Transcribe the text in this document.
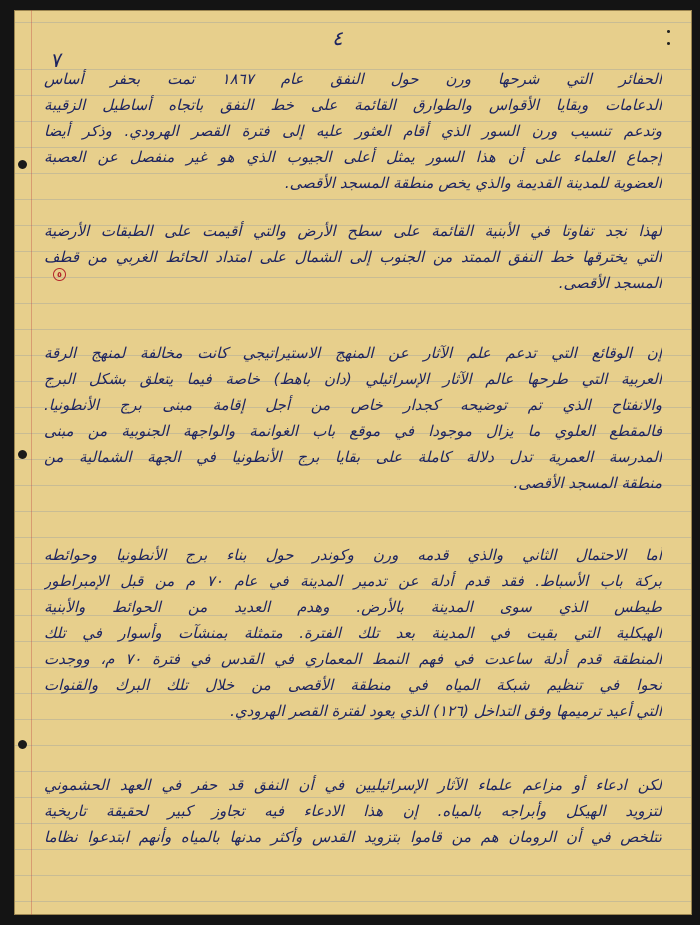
٧
٤
٥
الحفائر التي شرحها ورن حول النفق عام ١٨٦٧ تمت بحفر أساس
الدعامات وبقايا الأقواس والطوارق القائمة على خط النفق باتجاه أساطيل الزقيبة
وتدعم تنسيب ورن السور الذي أقام العثور عليه إلى فترة القصر الهرودي. وذكر أيضا
إجماع العلماء على أن هذا السور يمثل أعلى الجيوب الذي هو غير منفصل عن العصبة
العضوية للمدينة القديمة والذي يخص منطقة المسجد الأقصى.
لهذا نجد تفاوتا في الأبنية القائمة على سطح الأرض والتي أقيمت على الطبقات الأرضية
التي يخترقها خط النفق الممتد من الجنوب إلى الشمال على امتداد الحائط الغربي من قطف
المسجد الأقصى.
إن الوقائع التي تدعم علم الآثار عن المنهج الاستيراتيجي كانت مخالفة لمنهج الرقة
العربية التي طرحها عالم الآثار الإسرائيلي (دان باهط) خاصة فيما يتعلق بشكل البرج
والانفتاح الذي تم توضيحه كجدار خاص من أجل إقامة مبنى برج الأنطونيا.
فالمقطع العلوي ما يزال موجودا في موقع باب الغوانمة والواجهة الجنوبية من مبنى
المدرسة العمرية تدل دلالة كاملة على بقايا برج الأنطونيا في الجهة الشمالية من
منطقة المسجد الأقصى.
أما الاحتمال الثاني والذي قدمه ورن وكوندر حول بناء برج الأنطونيا وحوائطه
بركة باب الأسباط. فقد قدم أدلة عن تدمير المدينة في عام ٧٠ م من قبل الإمبراطور
طيطس الذي سوى المدينة بالأرض. وهدم العديد من الحوائط والأبنية
الهيكلية التي بقيت في المدينة بعد تلك الفترة. متمثلة بمنشآت وأسوار في تلك
المنطقة قدم أدلة ساعدت في فهم النمط المعماري في القدس في فترة ٧٠ م، ووجدت
نحوا في تنظيم شبكة المياه في منطقة الأقصى من خلال تلك البرك والقنوات
التي أعيد ترميمها وفق التداخل (١٢٦) الذي يعود لفترة القصر الهرودي.
لكن ادعاء أو مزاعم علماء الآثار الإسرائيليين في أن النفق قد حفر في العهد الحشموني
لتزويد الهيكل وأبراجه بالمياه. إن هذا الادعاء فيه تجاوز كبير لحقيقة تاريخية
تتلخص في أن الرومان هم من قاموا بتزويد القدس وأكثر مدنها بالمياه وأنهم ابتدعوا نظاما
